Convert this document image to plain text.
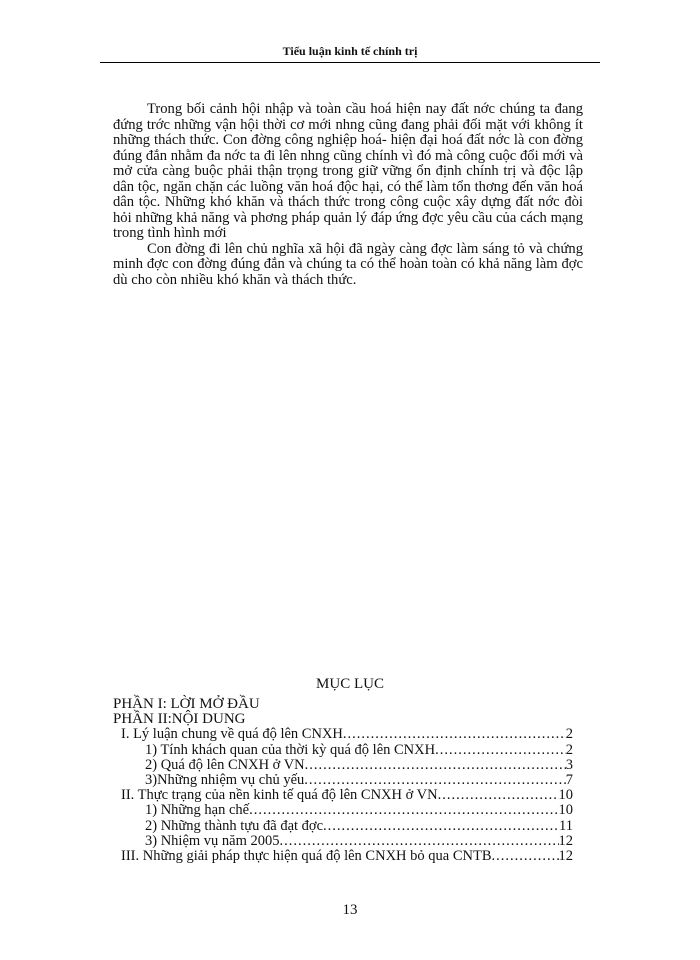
Tiểu luận kinh tế chính trị

Trong bối cảnh hội nhập và toàn cầu hoá hiện nay đất nớc chúng ta đang đứng trớc những vận hội thời cơ mới nhng cũng đang phải đối mặt với không ít những thách thức. Con đờng công nghiệp hoá- hiện đại hoá đất nớc là con đờng đúng đắn nhằm đa nớc ta đi lên nhng cũng chính vì đó mà công cuộc đổi mới và mở cửa càng buộc phải thận trọng trong giữ vững ổn định chính trị và độc lập dân tộc, ngăn chặn các luồng văn hoá độc hại, có thể làm tổn thơng đến văn hoá dân tộc. Những khó khăn và thách thức trong công cuộc xây dựng đất nớc đòi hỏi những khả năng và phơng pháp quản lý đáp ứng đợc yêu cầu của cách mạng trong tình hình mới

Con đờng đi lên chủ nghĩa xã hội đã ngày càng đợc làm sáng tỏ và chứng minh đợc con đờng đúng đắn và chúng ta có thể hoàn toàn có khả năng làm đợc dù cho còn nhiều khó khăn và thách thức.

MỤC LỤC
PHẦN I: LỜI MỞ ĐẦU
PHẦN II:NỘI DUNG
I. Lý luận chung về quá độ lên CNXH .....	2
1) Tính khách quan của thời kỳ quá độ lên CNXH .....	2
2) Quá độ lên CNXH ở VN .....	3
3)Những nhiệm vụ chủ yếu .....	7
II. Thực trạng của nền kinh tế quá độ lên CNXH ở VN .....	10
1) Những hạn chế .....	10
2) Những thành tựu đã đạt đợc .....	11
3) Nhiệm vụ năm 2005 .....	12
III. Những giải pháp thực hiện quá độ lên CNXH bỏ qua CNTB .....	12
13
